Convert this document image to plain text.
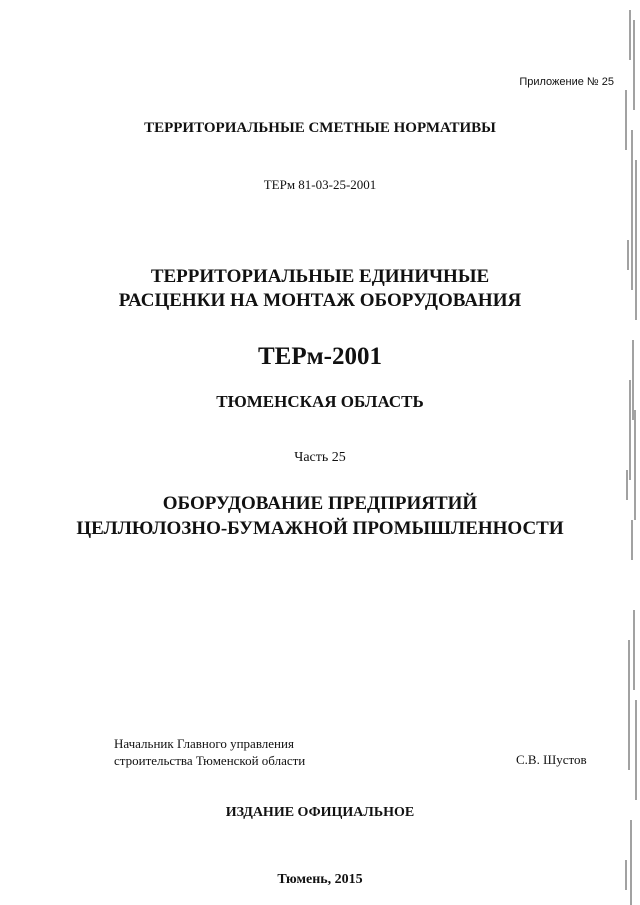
Приложение № 25
ТЕРРИТОРИАЛЬНЫЕ СМЕТНЫЕ НОРМАТИВЫ
ТЕРм 81-03-25-2001
ТЕРРИТОРИАЛЬНЫЕ ЕДИНИЧНЫЕ
РАСЦЕНКИ НА МОНТАЖ ОБОРУДОВАНИЯ
ТЕРм-2001
ТЮМЕНСКАЯ ОБЛАСТЬ
Часть 25
ОБОРУДОВАНИЕ ПРЕДПРИЯТИЙ
ЦЕЛЛЮЛОЗНО-БУМАЖНОЙ ПРОМЫШЛЕННОСТИ
Начальник Главного управления
строительства Тюменской области	С.В. Шустов
ИЗДАНИЕ ОФИЦИАЛЬНОЕ
Тюмень, 2015
